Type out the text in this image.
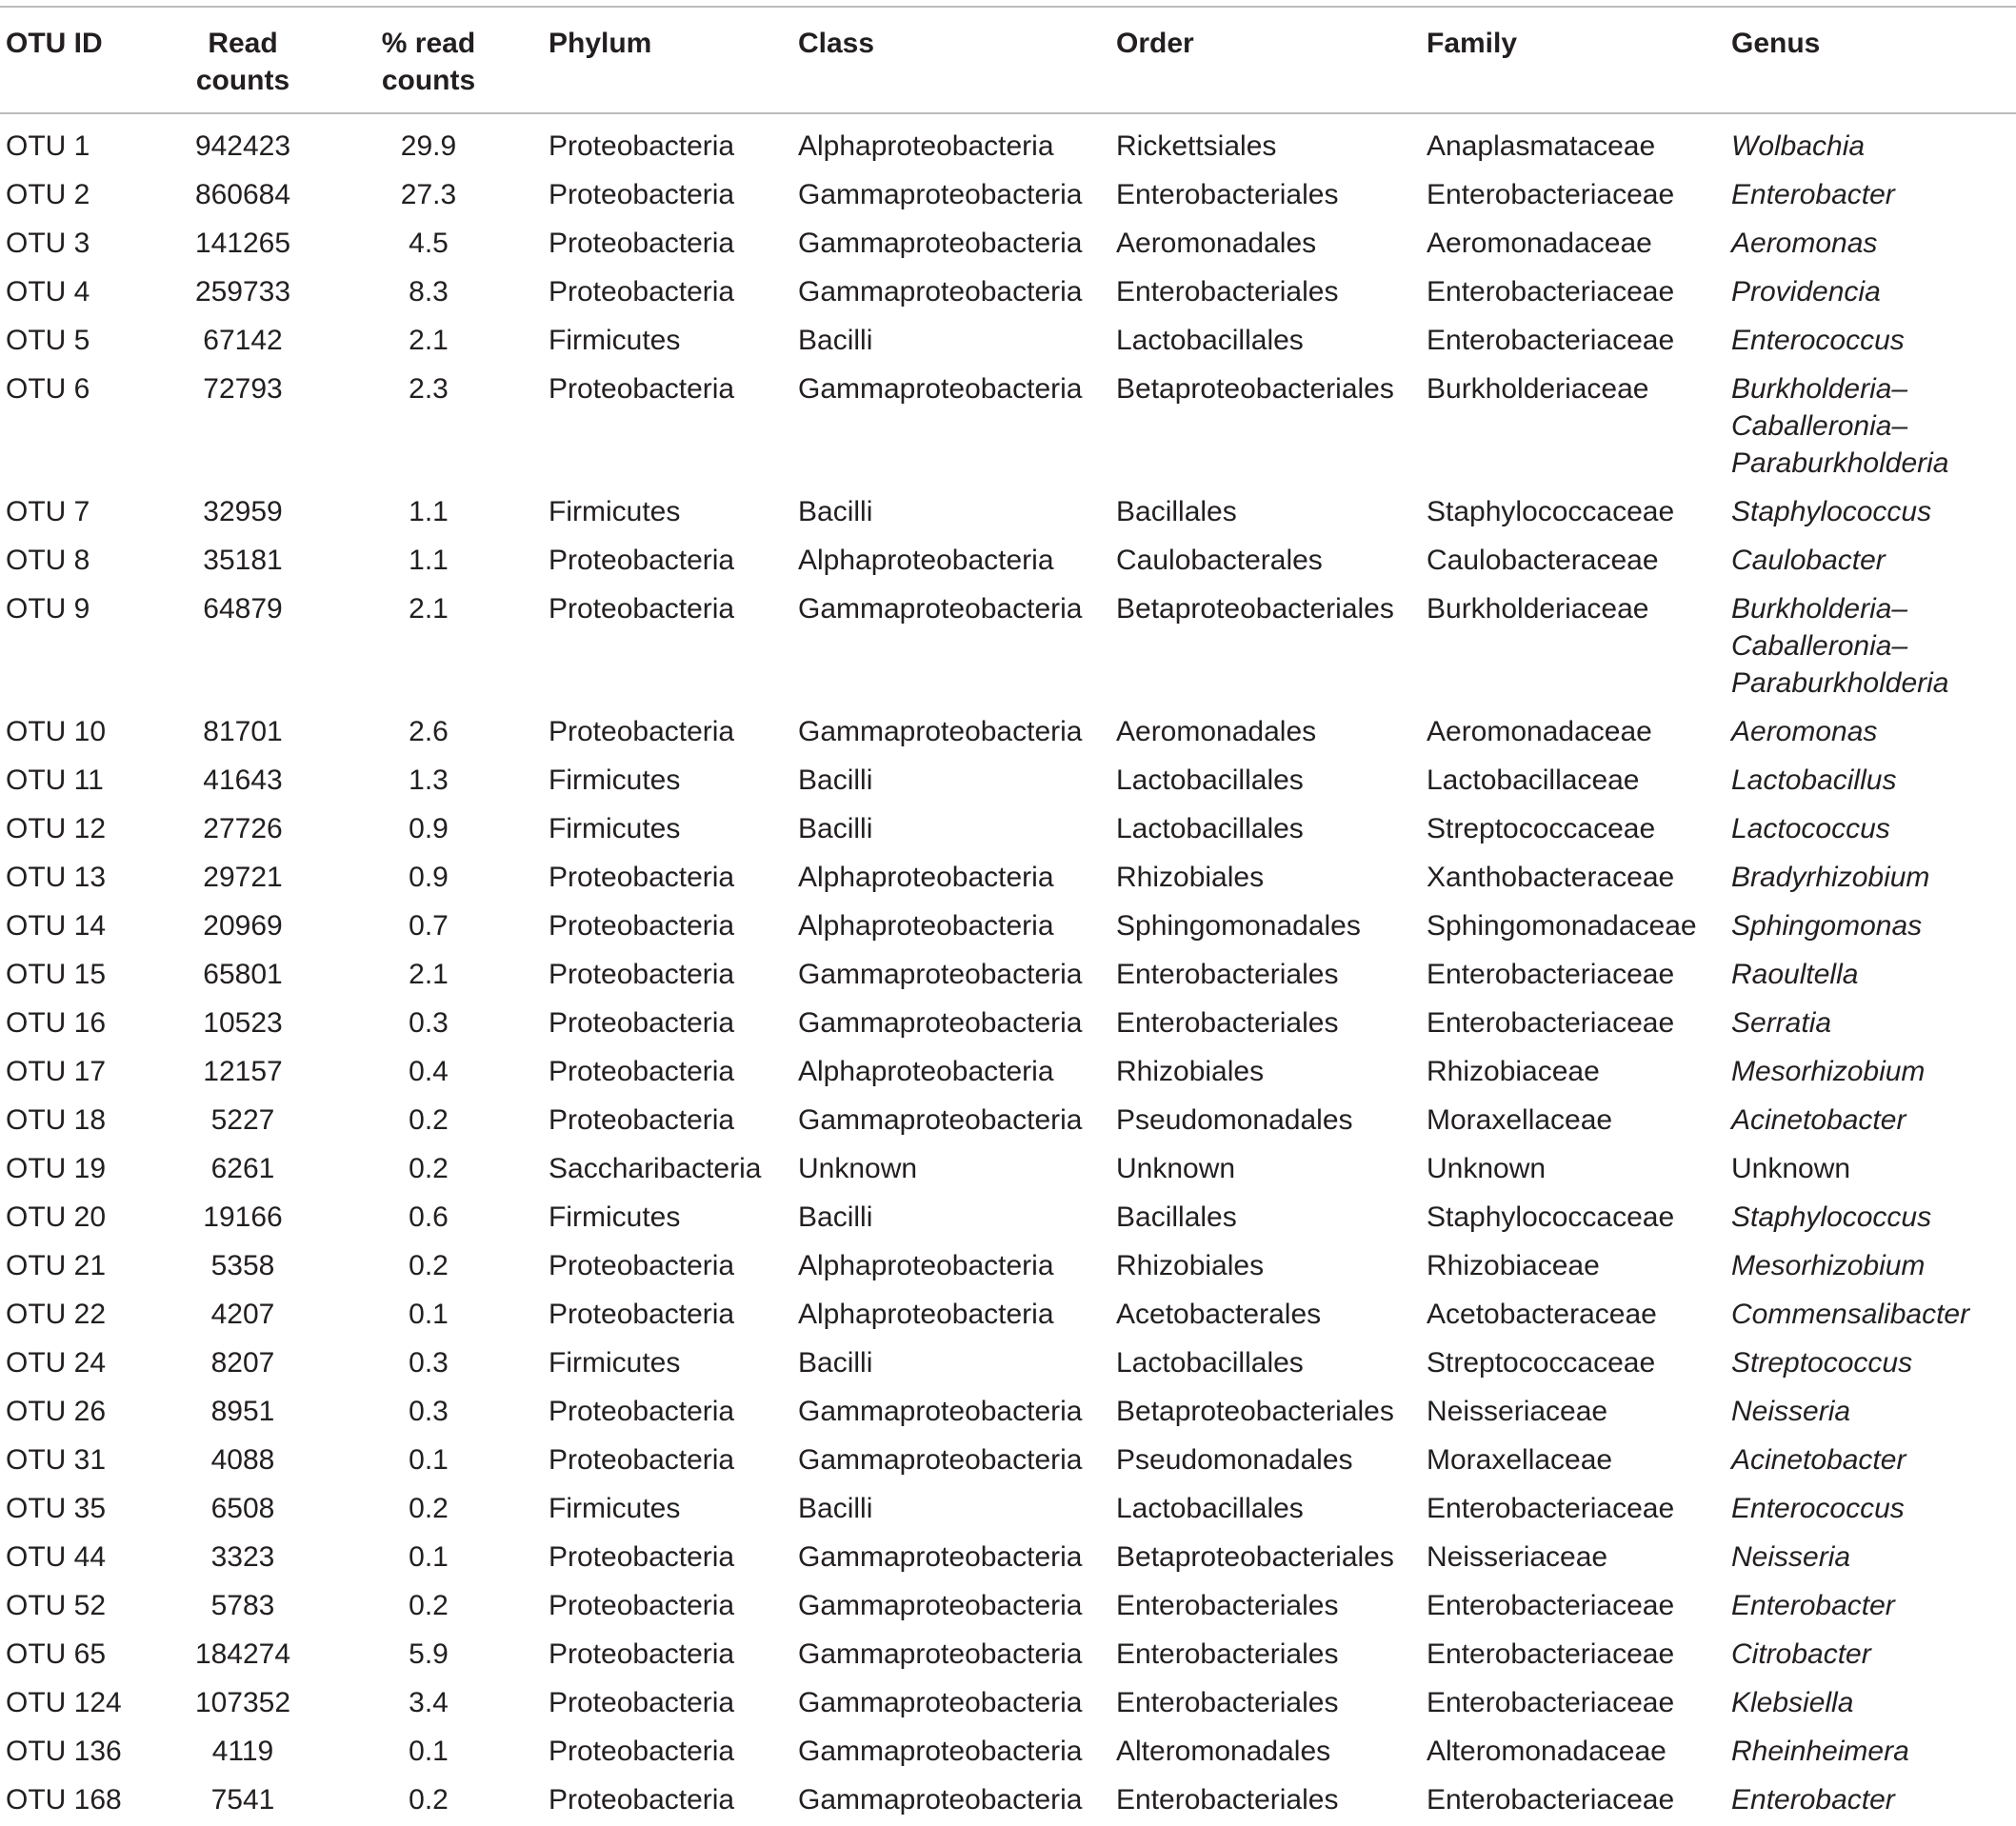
OTU ID	Read counts	% read counts	Phylum	Class	Order	Family	Genus
OTU 1	942423	29.9	Proteobacteria	Alphaproteobacteria	Rickettsiales	Anaplasmataceae	Wolbachia
OTU 2	860684	27.3	Proteobacteria	Gammaproteobacteria	Enterobacteriales	Enterobacteriaceae	Enterobacter
OTU 3	141265	4.5	Proteobacteria	Gammaproteobacteria	Aeromonadales	Aeromonadaceae	Aeromonas
OTU 4	259733	8.3	Proteobacteria	Gammaproteobacteria	Enterobacteriales	Enterobacteriaceae	Providencia
OTU 5	67142	2.1	Firmicutes	Bacilli	Lactobacillales	Enterobacteriaceae	Enterococcus
OTU 6	72793	2.3	Proteobacteria	Gammaproteobacteria	Betaproteobacteriales	Burkholderiaceae	Burkholderia–​Caballeronia–​Paraburkholderia
OTU 7	32959	1.1	Firmicutes	Bacilli	Bacillales	Staphylococcaceae	Staphylococcus
OTU 8	35181	1.1	Proteobacteria	Alphaproteobacteria	Caulobacterales	Caulobacteraceae	Caulobacter
OTU 9	64879	2.1	Proteobacteria	Gammaproteobacteria	Betaproteobacteriales	Burkholderiaceae	Burkholderia–​Caballeronia–​Paraburkholderia
OTU 10	81701	2.6	Proteobacteria	Gammaproteobacteria	Aeromonadales	Aeromonadaceae	Aeromonas
OTU 11	41643	1.3	Firmicutes	Bacilli	Lactobacillales	Lactobacillaceae	Lactobacillus
OTU 12	27726	0.9	Firmicutes	Bacilli	Lactobacillales	Streptococcaceae	Lactococcus
OTU 13	29721	0.9	Proteobacteria	Alphaproteobacteria	Rhizobiales	Xanthobacteraceae	Bradyrhizobium
OTU 14	20969	0.7	Proteobacteria	Alphaproteobacteria	Sphingomonadales	Sphingomonadaceae	Sphingomonas
OTU 15	65801	2.1	Proteobacteria	Gammaproteobacteria	Enterobacteriales	Enterobacteriaceae	Raoultella
OTU 16	10523	0.3	Proteobacteria	Gammaproteobacteria	Enterobacteriales	Enterobacteriaceae	Serratia
OTU 17	12157	0.4	Proteobacteria	Alphaproteobacteria	Rhizobiales	Rhizobiaceae	Mesorhizobium
OTU 18	5227	0.2	Proteobacteria	Gammaproteobacteria	Pseudomonadales	Moraxellaceae	Acinetobacter
OTU 19	6261	0.2	Saccharibacteria	Unknown	Unknown	Unknown	Unknown
OTU 20	19166	0.6	Firmicutes	Bacilli	Bacillales	Staphylococcaceae	Staphylococcus
OTU 21	5358	0.2	Proteobacteria	Alphaproteobacteria	Rhizobiales	Rhizobiaceae	Mesorhizobium
OTU 22	4207	0.1	Proteobacteria	Alphaproteobacteria	Acetobacterales	Acetobacteraceae	Commensalibacter
OTU 24	8207	0.3	Firmicutes	Bacilli	Lactobacillales	Streptococcaceae	Streptococcus
OTU 26	8951	0.3	Proteobacteria	Gammaproteobacteria	Betaproteobacteriales	Neisseriaceae	Neisseria
OTU 31	4088	0.1	Proteobacteria	Gammaproteobacteria	Pseudomonadales	Moraxellaceae	Acinetobacter
OTU 35	6508	0.2	Firmicutes	Bacilli	Lactobacillales	Enterobacteriaceae	Enterococcus
OTU 44	3323	0.1	Proteobacteria	Gammaproteobacteria	Betaproteobacteriales	Neisseriaceae	Neisseria
OTU 52	5783	0.2	Proteobacteria	Gammaproteobacteria	Enterobacteriales	Enterobacteriaceae	Enterobacter
OTU 65	184274	5.9	Proteobacteria	Gammaproteobacteria	Enterobacteriales	Enterobacteriaceae	Citrobacter
OTU 124	107352	3.4	Proteobacteria	Gammaproteobacteria	Enterobacteriales	Enterobacteriaceae	Klebsiella
OTU 136	4119	0.1	Proteobacteria	Gammaproteobacteria	Alteromonadales	Alteromonadaceae	Rheinheimera
OTU 168	7541	0.2	Proteobacteria	Gammaproteobacteria	Enterobacteriales	Enterobacteriaceae	Enterobacter
